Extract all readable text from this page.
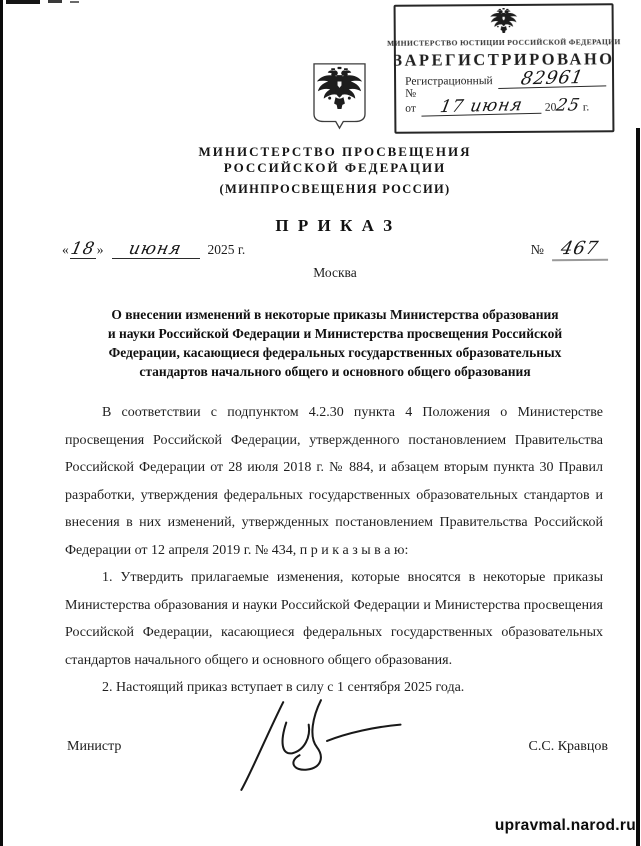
МИНИСТЕРСТВО ЮСТИЦИИ РОССИЙСКОЙ ФЕДЕРАЦИИ
ЗАРЕГИСТРИРОВАНО
Регистрационный №
82961
от	17 июня	20
25
г.
МИНИСТЕРСТВО ПРОСВЕЩЕНИЯ
РОССИЙСКОЙ ФЕДЕРАЦИИ
(МИНПРОСВЕЩЕНИЯ РОССИИ)
П Р И К А З
« 18 »	июня	2025 г.	№ 467
Москва
О внесении изменений в некоторые приказы Министерства образования
и науки Российской Федерации и Министерства просвещения Российской
Федерации, касающиеся федеральных государственных образовательных
стандартов начального общего и основного общего образования

В соответствии с подпунктом 4.2.30 пункта 4 Положения о Министерстве просвещения Российской Федерации, утвержденного постановлением Правительства Российской Федерации от 28 июля 2018 г. № 884, и абзацем вторым пункта 30 Правил разработки, утверждения федеральных государственных образовательных стандартов и внесения в них изменений, утвержденных постановлением Правительства Российской Федерации от 12 апреля 2019 г. № 434, п р и к а з ы в а ю:

1. Утвердить прилагаемые изменения, которые вносятся в некоторые приказы Министерства образования и науки Российской Федерации и Министерства просвещения Российской Федерации, касающиеся федеральных государственных образовательных стандартов начального общего и основного общего образования.

2. Настоящий приказ вступает в силу с 1 сентября 2025 года.

Министр	С.С. Кравцов
upravmal.narod.ru
